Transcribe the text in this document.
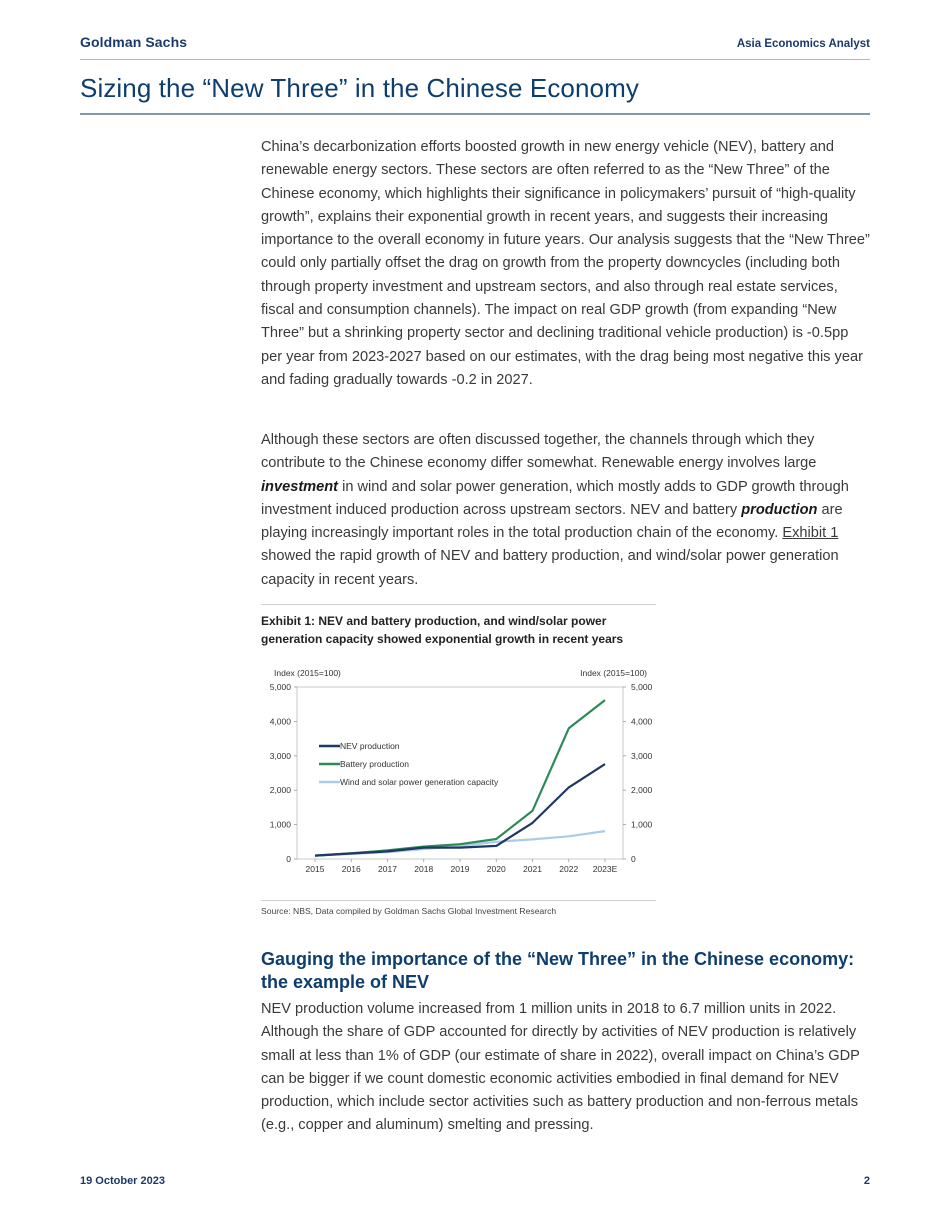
Goldman Sachs	Asia Economics Analyst
Sizing the “New Three” in the Chinese Economy

China’s decarbonization efforts boosted growth in new energy vehicle (NEV), battery and renewable energy sectors. These sectors are often referred to as the “New Three” of the Chinese economy, which highlights their significance in policymakers’ pursuit of “high-quality growth”, explains their exponential growth in recent years, and suggests their increasing importance to the overall economy in future years. Our analysis suggests that the “New Three” could only partially offset the drag on growth from the property downcycles (including both through property investment and upstream sectors, and also through real estate services, fiscal and consumption channels). The impact on real GDP growth (from expanding “New Three” but a shrinking property sector and declining traditional vehicle production) is -0.5pp per year from 2023-2027 based on our estimates, with the drag being most negative this year and fading gradually towards -0.2 in 2027.

Although these sectors are often discussed together, the channels through which they contribute to the Chinese economy differ somewhat. Renewable energy involves large investment in wind and solar power generation, which mostly adds to GDP growth through investment induced production across upstream sectors. NEV and battery production are playing increasingly important roles in the total production chain of the economy. Exhibit 1 showed the rapid growth of NEV and battery production, and wind/solar power generation capacity in recent years.

Exhibit 1: NEV and battery production, and wind/solar power generation capacity showed exponential growth in recent years
Index (2015=100)	Index (2015=100)
0	0
1,000	1,000
2,000	2,000
3,000	3,000
4,000	4,000
5,000	5,000
2015 2016 2017 2018 2019 2020 2021 2022 2023E
NEV production
Battery production
Wind and solar power generation capacity
Source: NBS, Data compiled by Goldman Sachs Global Investment Research
Gauging the importance of the “New Three” in the Chinese economy: the example of NEV

NEV production volume increased from 1 million units in 2018 to 6.7 million units in 2022. Although the share of GDP accounted for directly by activities of NEV production is relatively small at less than 1% of GDP (our estimate of share in 2022), overall impact on China’s GDP can be bigger if we count domestic economic activities embodied in final demand for NEV production, which include sector activities such as battery production and non-ferrous metals (e.g., copper and aluminum) smelting and pressing.

19 October 2023	2
